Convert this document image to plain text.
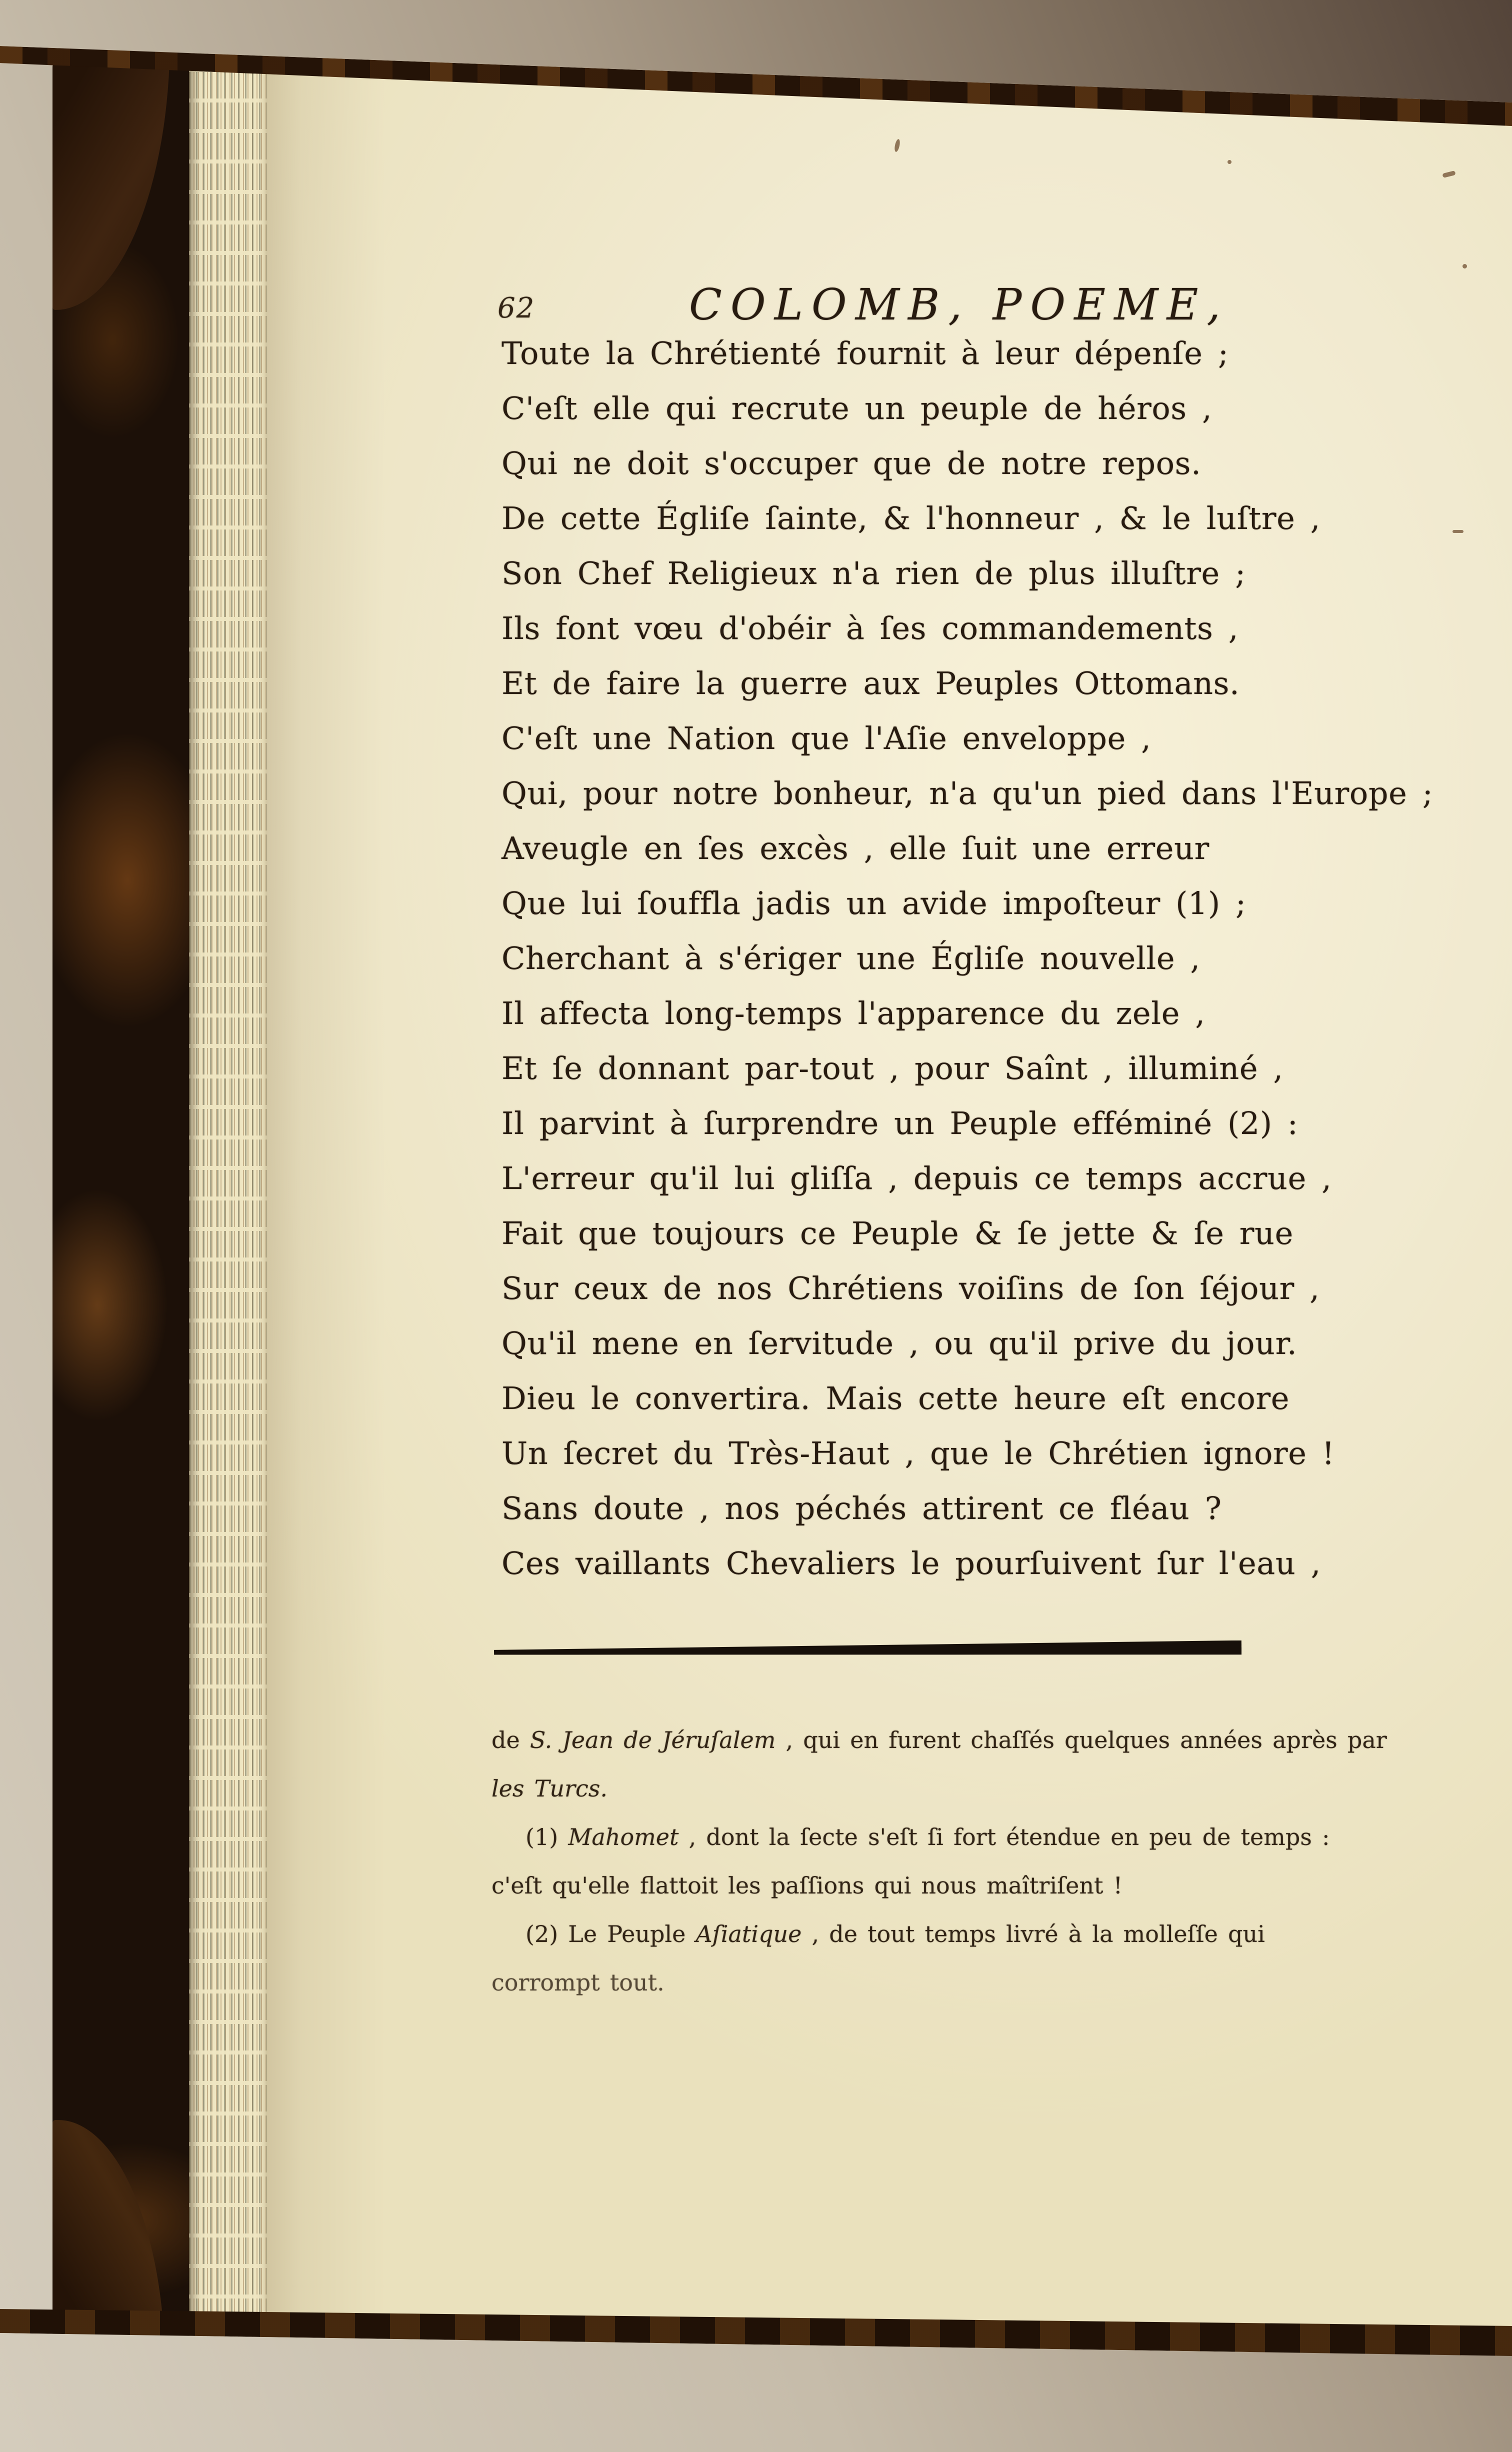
62	COLOMB, POEME,
Toute la Chrétienté fournit à leur dépenſe ;
C'eſt elle qui recrute un peuple de héros ,
Qui ne doit s'occuper que de notre repos.
De cette Égliſe ſainte, & l'honneur , & le luſtre ,
Son Chef Religieux n'a rien de plus illuſtre ;
Ils font vœu d'obéir à ſes commandements ,
Et de faire la guerre aux Peuples Ottomans.
C'eſt une Nation que l'Aſie enveloppe ,
Qui, pour notre bonheur, n'a qu'un pied dans l'Europe ;
Aveugle en ſes excès , elle ſuit une erreur
Que lui ſouffla jadis un avide impoſteur (1) ;
Cherchant à s'ériger une Égliſe nouvelle ,
Il affecta long-temps l'apparence du zele ,
Et ſe donnant par-tout , pour Saînt , illuminé ,
Il parvint à ſurprendre un Peuple efféminé (2) :
L'erreur qu'il lui gliſſa , depuis ce temps accrue ,
Fait que toujours ce Peuple & ſe jette & ſe rue
Sur ceux de nos Chrétiens voiſins de ſon ſéjour ,
Qu'il mene en ſervitude , ou qu'il prive du jour.
Dieu le convertira. Mais cette heure eſt encore
Un ſecret du Très-Haut , que le Chrétien ignore !
Sans doute , nos péchés attirent ce fléau ?
Ces vaillants Chevaliers le pourſuivent ſur l'eau ,
de S. Jean de Jéruſalem , qui en furent chaſſés quelques années après par
les Turcs.
(1) Mahomet , dont la ſecte s'eſt ſi fort étendue en peu de temps :
c'eſt qu'elle flattoit les paſſions qui nous maîtriſent !
(2) Le Peuple Aſiatique , de tout temps livré à la molleſſe qui
corrompt tout.
